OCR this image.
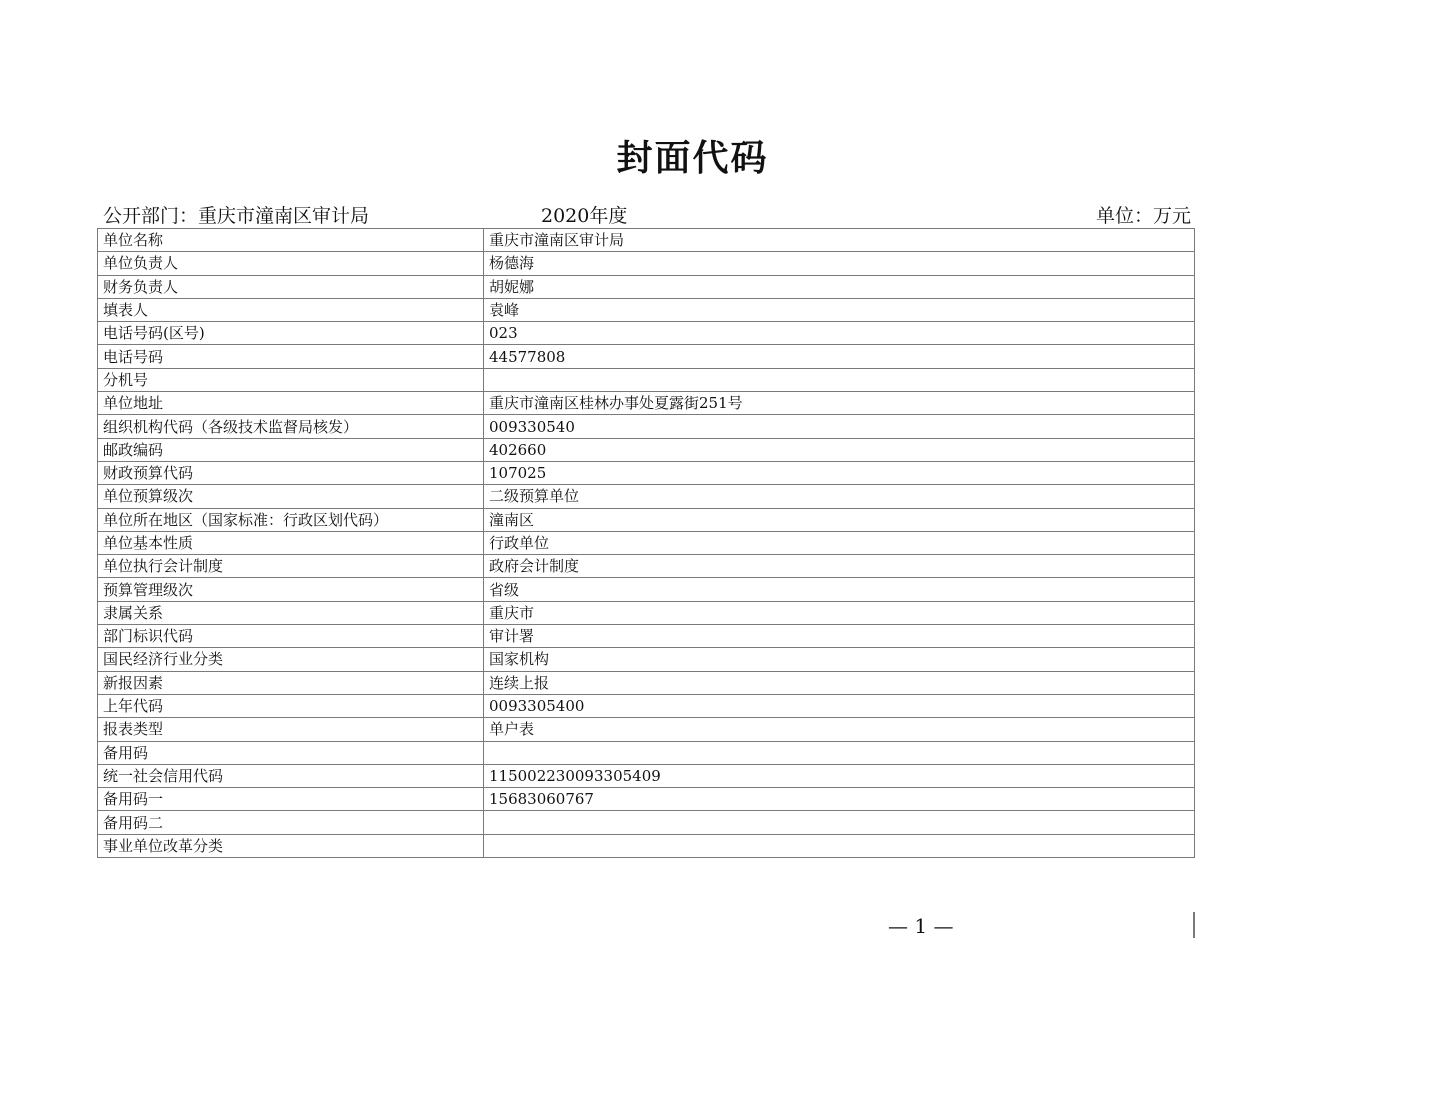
封面代码
公开部门：重庆市潼南区审计局	2020年度	单位：万元
单位名称	重庆市潼南区审计局
单位负责人	杨德海
财务负责人	胡妮娜
填表人	袁峰
电话号码(区号)	023
电话号码	44577808
分机号	
单位地址	重庆市潼南区桂林办事处夏露街251号
组织机构代码（各级技术监督局核发）	009330540
邮政编码	402660
财政预算代码	107025
单位预算级次	二级预算单位
单位所在地区（国家标准：行政区划代码）	潼南区
单位基本性质	行政单位
单位执行会计制度	政府会计制度
预算管理级次	省级
隶属关系	重庆市
部门标识代码	审计署
国民经济行业分类	国家机构
新报因素	连续上报
上年代码	0093305400
报表类型	单户表
备用码	
统一社会信用代码	115002230093305409
备用码一	15683060767
备用码二	
事业单位改革分类	
— 1 —
